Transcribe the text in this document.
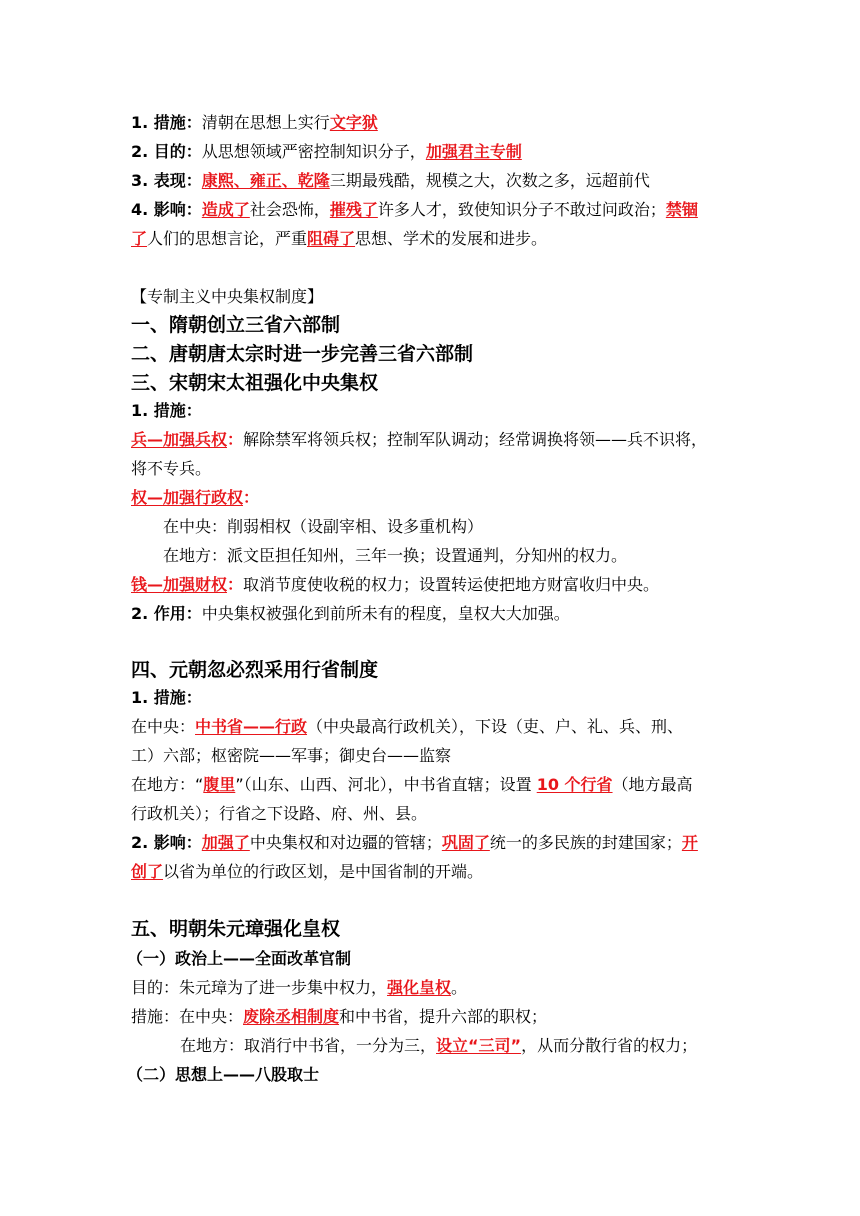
1. 措施：清朝在思想上实行文字狱
2. 目的：从思想领域严密控制知识分子，加强君主专制
3. 表现：康熙、雍正、乾隆三期最残酷，规模之大，次数之多，远超前代
4. 影响：造成了社会恐怖，摧残了许多人才，致使知识分子不敢过问政治；禁锢
了人们的思想言论，严重阻碍了思想、学术的发展和进步。
【专制主义中央集权制度】
一、隋朝创立三省六部制
二、唐朝唐太宗时进一步完善三省六部制
三、宋朝宋太祖强化中央集权
1. 措施：
兵—加强兵权：解除禁军将领兵权；控制军队调动；经常调换将领——兵不识将，
将不专兵。
权—加强行政权：
在中央：削弱相权（设副宰相、设多重机构）
在地方：派文臣担任知州，三年一换；设置通判，分知州的权力。
钱—加强财权：取消节度使收税的权力；设置转运使把地方财富收归中央。
2. 作用：中央集权被强化到前所未有的程度，皇权大大加强。
四、元朝忽必烈采用行省制度
1. 措施：
在中央：中书省——行政（中央最高行政机关），下设（吏、户、礼、兵、刑、
工）六部；枢密院——军事；御史台——监察
在地方：“腹里”（山东、山西、河北），中书省直辖；设置 10 个行省（地方最高
行政机关）；行省之下设路、府、州、县。
2. 影响：加强了中央集权和对边疆的管辖；巩固了统一的多民族的封建国家；开
创了以省为单位的行政区划，是中国省制的开端。
五、明朝朱元璋强化皇权
（一）政治上——全面改革官制
目的：朱元璋为了进一步集中权力，强化皇权。
措施：在中央：废除丞相制度和中书省，提升六部的职权；
在地方：取消行中书省，一分为三，设立“三司”，从而分散行省的权力；
（二）思想上——八股取士
